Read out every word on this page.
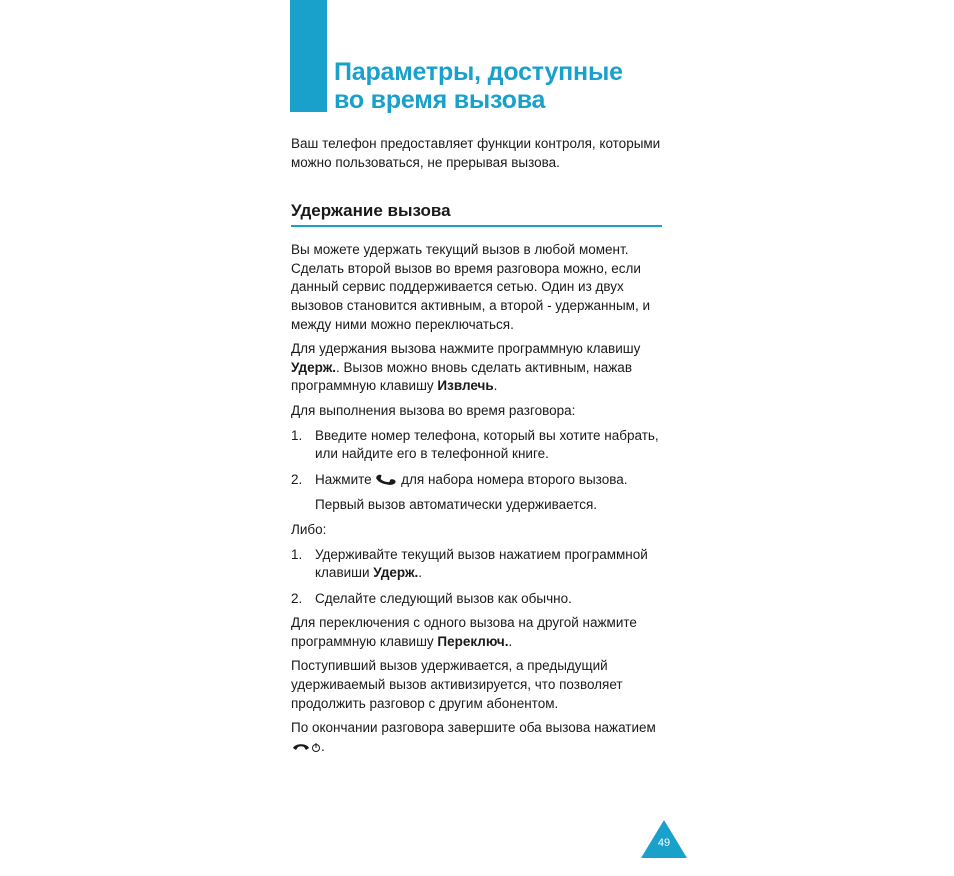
Параметры, доступные
во время вызова

Ваш телефон предоставляет функции контроля, которыми можно пользоваться, не прерывая вызова.

Удержание вызова

Вы можете удержать текущий вызов в любой момент. Сделать второй вызов во время разговора можно, если данный сервис поддерживается сетью. Один из двух вызовов становится активным, а второй - удержанным, и между ними можно переключаться.

Для удержания вызова нажмите программную клавишу Удерж.. Вызов можно вновь сделать активным, нажав программную клавишу Извлечь.

Для выполнения вызова во время разговора:

1. Введите номер телефона, который вы хотите набрать, или найдите его в телефонной книге.
2. Нажмите  для набора номера второго вызова.

Первый вызов автоматически удерживается.

Либо:

1. Удерживайте текущий вызов нажатием программной клавиши Удерж..
2. Сделайте следующий вызов как обычно.

Для переключения с одного вызова на другой нажмите программную клавишу Переключ..

Поступивший вызов удерживается, а предыдущий удерживаемый вызов активизируется, что позволяет продолжить разговор с другим абонентом.

По окончании разговора завершите оба вызова нажатием .

49
